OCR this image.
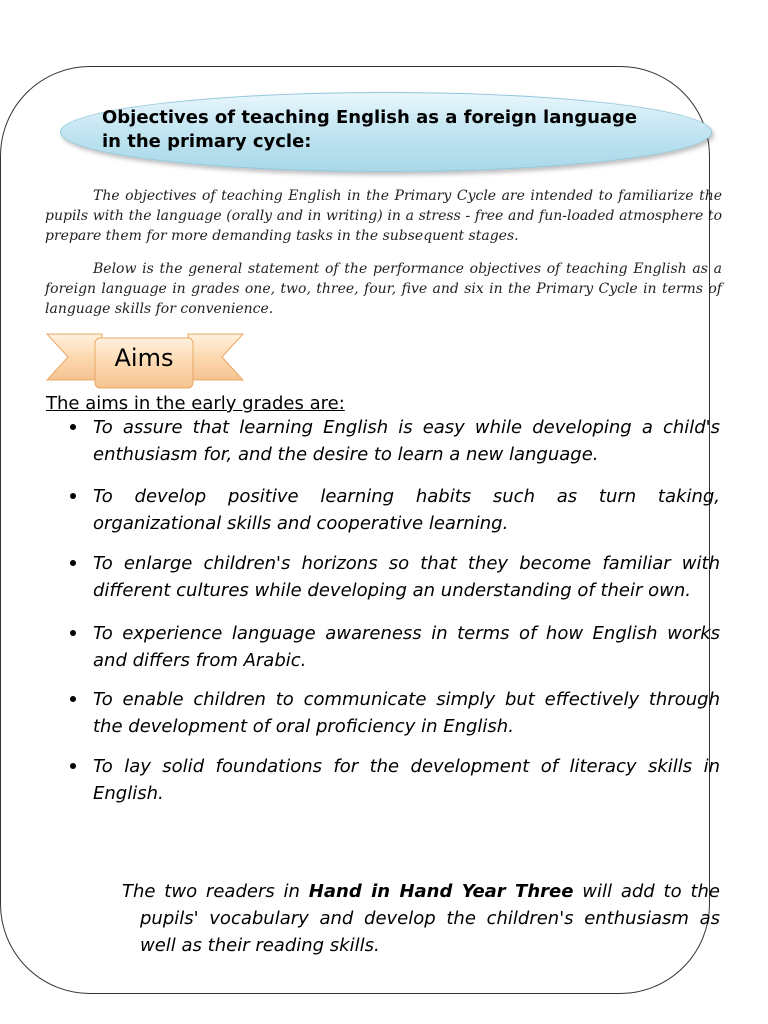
Objectives of teaching English as a foreign language in the primary cycle:

The objectives of teaching English in the Primary Cycle are intended to familiarize the pupils with the language (orally and in writing) in a stress - free and fun-loaded atmosphere to prepare them for more demanding tasks in the subsequent stages.

Below is the general statement of the performance objectives of teaching English as a foreign language in grades one, two, three, four, five and six in the Primary Cycle in terms of language skills for convenience.

Aims

The aims in the early grades are:

To assure that learning English is easy while developing a child's enthusiasm for, and the desire to learn a new language.
To develop positive learning habits such as turn taking, organizational skills and cooperative learning.
To enlarge children's horizons so that they become familiar with different cultures while developing an understanding of their own.
To experience language awareness in terms of how English works and differs from Arabic.
To enable children to communicate simply but effectively through the development of oral proficiency in English.
To lay solid foundations for the development of literacy skills in English.

The two readers in Hand in Hand Year Three will add to the pupils' vocabulary and develop the children's enthusiasm as well as their reading skills.
